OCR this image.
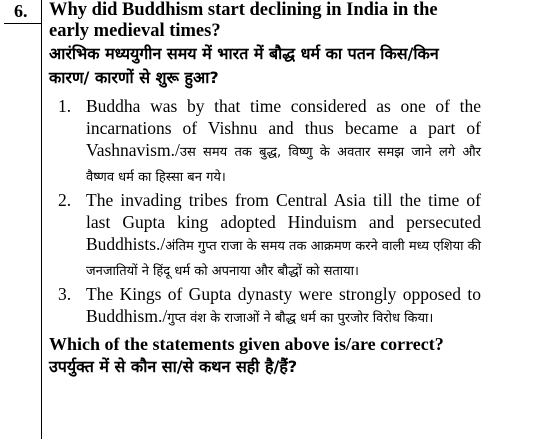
6. Why did Buddhism start declining in India in the early medieval times?

आरंभिक मध्ययुगीन समय में भारत में बौद्ध धर्म का पतन किस/किन कारण/ कारणों से शुरू हुआ?

1. Buddha was by that time considered as one of the incarnations of Vishnu and thus became a part of Vashnavism./उस समय तक बुद्ध, विष्णु के अवतार समझ जाने लगे और वैष्णव धर्म का हिस्सा बन गये।
2. The invading tribes from Central Asia till the time of last Gupta king adopted Hinduism and persecuted Buddhists./अंतिम गुप्त राजा के समय तक आक्रमण करने वाली मध्य एशिया की जनजातियों ने हिंदू धर्म को अपनाया और बौद्धों को सताया।
3. The Kings of Gupta dynasty were strongly opposed to Buddhism./गुप्त वंश के राजाओं ने बौद्ध धर्म का पुरजोर विरोध किया।

Which of the statements given above is/are correct?

उपर्युक्त में से कौन सा/से कथन सही है/हैं?
